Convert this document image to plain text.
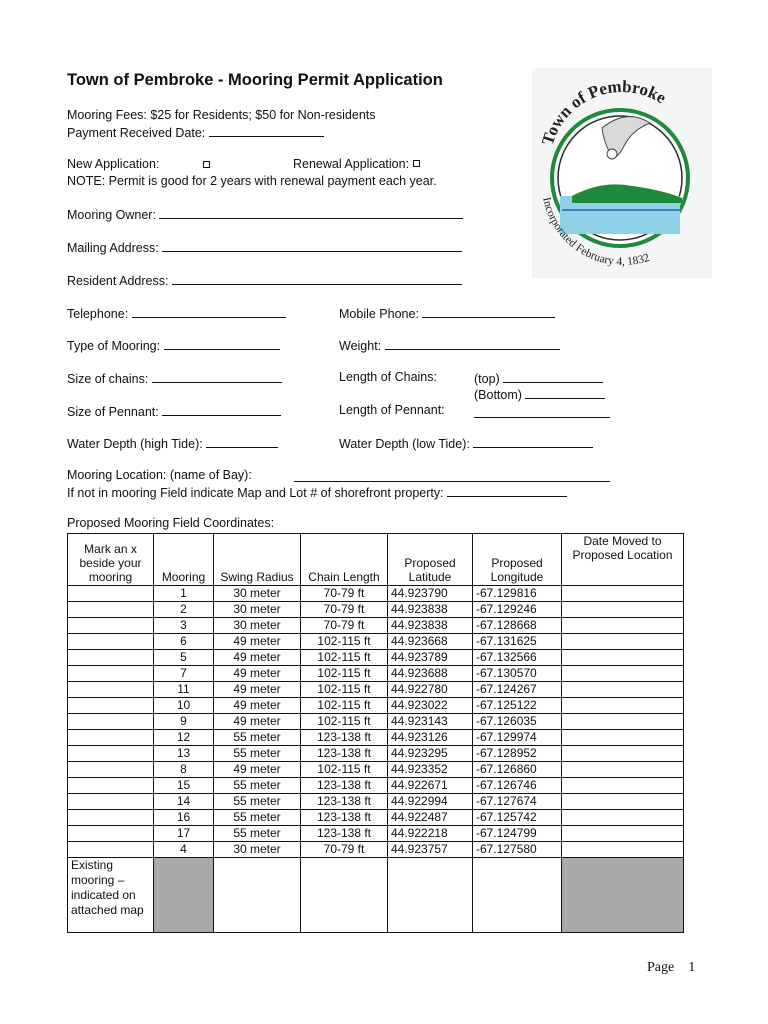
Town of Pembroke - Mooring Permit Application
Town of Pembroke
Incorporated February 4, 1832
Mooring Fees: $25 for Residents; $50 for Non-residents
Payment Received Date:
New Application:	Renewal Application:
NOTE: Permit is good for 2 years with renewal payment each year.
Mooring Owner:
Mailing Address:
Resident Address:
Telephone:	Mobile Phone:
Type of Mooring:	Weight:
Size of chains:	Length of Chains:	(top)
(Bottom)
Size of Pennant:	Length of Pennant:
Water Depth (high Tide):	Water Depth (low Tide):
Mooring Location: (name of Bay):
If not in mooring Field indicate Map and Lot # of shorefront property:
Proposed Mooring Field Coordinates:
Mark an x beside your mooring	Mooring	Swing Radius	Chain Length	Proposed Latitude	Proposed Longitude	Date Moved to Proposed Location
	1	30 meter	70-79 ft	44.923790	-67.129816	
	2	30 meter	70-79 ft	44.923838	-67.129246	
	3	30 meter	70-79 ft	44.923838	-67.128668	
	6	49 meter	102-115 ft	44.923668	-67.131625	
	5	49 meter	102-115 ft	44.923789	-67.132566	
	7	49 meter	102-115 ft	44.923688	-67.130570	
	11	49 meter	102-115 ft	44.922780	-67.124267	
	10	49 meter	102-115 ft	44.923022	-67.125122	
	9	49 meter	102-115 ft	44.923143	-67.126035	
	12	55 meter	123-138 ft	44.923126	-67.129974	
	13	55 meter	123-138 ft	44.923295	-67.128952	
	8	49 meter	102-115 ft	44.923352	-67.126860	
	15	55 meter	123-138 ft	44.922671	-67.126746	
	14	55 meter	123-138 ft	44.922994	-67.127674	
	16	55 meter	123-138 ft	44.922487	-67.125742	
	17	55 meter	123-138 ft	44.922218	-67.124799	
	4	30 meter	70-79 ft	44.923757	-67.127580	
Existing mooring – indicated on attached map						
Page 1
